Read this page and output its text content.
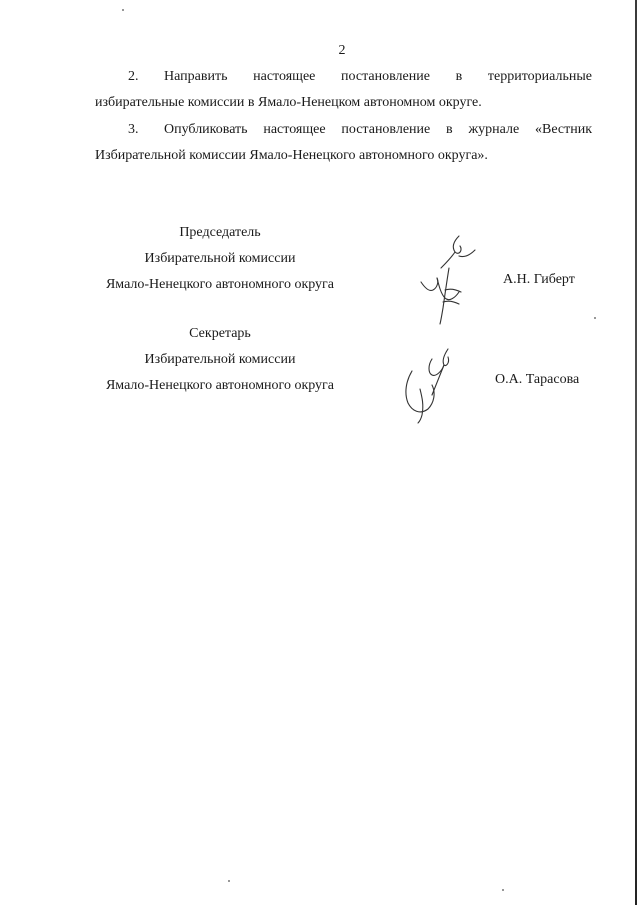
2
2. Направить настоящее постановление в территориальные
избирательные комиссии в Ямало-Ненецком автономном округе.
3. Опубликовать настоящее постановление в журнале «Вестник
Избирательной комиссии Ямало-Ненецкого автономного округа».
Председатель
Избирательной комиссии
Ямало-Ненецкого автономного округа	А.Н. Гиберт
Секретарь
Избирательной комиссии
Ямало-Ненецкого автономного округа	О.А. Тарасова
